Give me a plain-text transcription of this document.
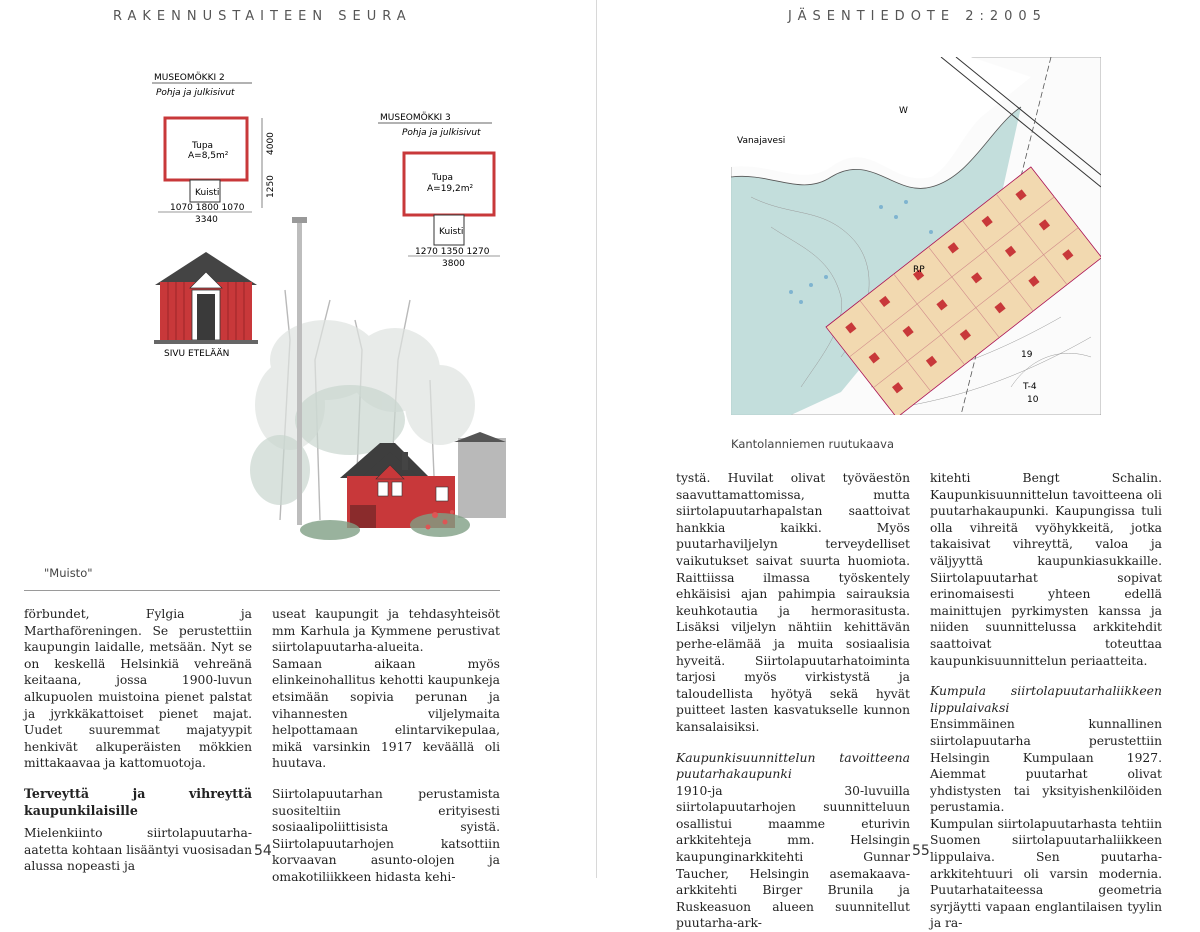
RAKENNUSTAITEEN SEURA	JÄSENTIEDOTE 2:2005
MUSEOMÖKKI 2
Pohja ja julkisivut
Tupa
A=8,5m²
Kuisti
1070 1800 1070
3340
4000
1250
SIVU ETELÄÄN
MUSEOMÖKKI 3
Pohja ja julkisivut
Tupa
A=19,2m²
Kuisti
1270 1350 1270
3800
"Muisto"

förbundet, Fylgia ja Marthaföreningen. Se perustettiin kaupungin laidalle, metsään. Nyt se on keskellä Helsinkiä vehreänä keitaana, jossa 1900-luvun alkupuolen muistoina pienet palstat ja jyrkkäkattoiset pienet majat. Uudet suuremmat majatyypit henkivät alkuperäisten mökkien mittakaavaa ja kattomuotoja.

Terveyttä ja vihreyttä kaupunkilaisille

Mielenkiinto siirtolapuutarha-aatetta kohtaan lisääntyi vuosisadan alussa nopeasti ja

useat kaupungit ja tehdasyhteisöt mm Karhula ja Kymmene perustivat siirtolapuutarha-alueita.

Samaan aikaan myös elinkeinohallitus kehotti kaupunkeja etsimään sopivia perunan ja vihannesten viljelymaita helpottamaan elintarvikepulaa, mikä varsinkin 1917 keväällä oli huutava.

Siirtolapuutarhan perustamista suositeltiin erityisesti sosiaalipoliittisista syistä. Siirtolapuutarhojen katsottiin korvaavan asunto-olojen ja omakotiliikkeen hidasta kehi-

54
Vanajavesi
W
RP
19
T-4
10
Kantolanniemen ruutukaava

tystä. Huvilat olivat työväestön saavuttamattomissa, mutta siirtolapuutarhapalstan saattoivat hankkia kaikki. Myös puutarhaviljelyn terveydelliset vaikutukset saivat suurta huomiota. Raittiissa ilmassa työskentely ehkäisisi ajan pahimpia sairauksia keuhkotautia ja hermorasitusta. Lisäksi viljelyn nähtiin kehittävän perhe-elämää ja muita sosiaalisia hyveitä. Siirtolapuutarhatoiminta tarjosi myös virkistystä ja taloudellista hyötyä sekä hyvät puitteet lasten kasvatukselle kunnon kansalaisiksi.

Kaupunkisuunnittelun tavoitteena puutarhakaupunki

1910-ja 30-luvuilla siirtolapuutarhojen suunnitteluun osallistui maamme eturivin arkkitehteja mm. Helsingin kaupunginarkkitehti Gunnar Taucher, Helsingin asemakaava-arkkitehti Birger Brunila ja Ruskeasuon alueen suunnitellut puutarha-ark-

kitehti Bengt Schalin. Kaupunkisuunnittelun tavoitteena oli puutarhakaupunki. Kaupungissa tuli olla vihreitä vyöhykkeitä, jotka takaisivat vihreyttä, valoa ja väljyyttä kaupunkiasukkaille. Siirtolapuutarhat sopivat erinomaisesti yhteen edellä mainittujen pyrkimysten kanssa ja niiden suunnittelussa arkkitehdit saattoivat toteuttaa kaupunkisuunnittelun periaatteita.

Kumpula siirtolapuutarhaliikkeen lippulaivaksi

Ensimmäinen kunnallinen siirtolapuutarha perustettiin Helsingin Kumpulaan 1927. Aiemmat puutarhat olivat yhdistysten tai yksityishenkilöiden perustamia.

Kumpulan siirtolapuutarhasta tehtiin Suomen siirtolapuutarhaliikkeen lippulaiva. Sen puutarha-arkkitehtuuri oli varsin modernia. Puutarhataiteessa geometria syrjäytti vapaan englantilaisen tyylin ja ra-

55
